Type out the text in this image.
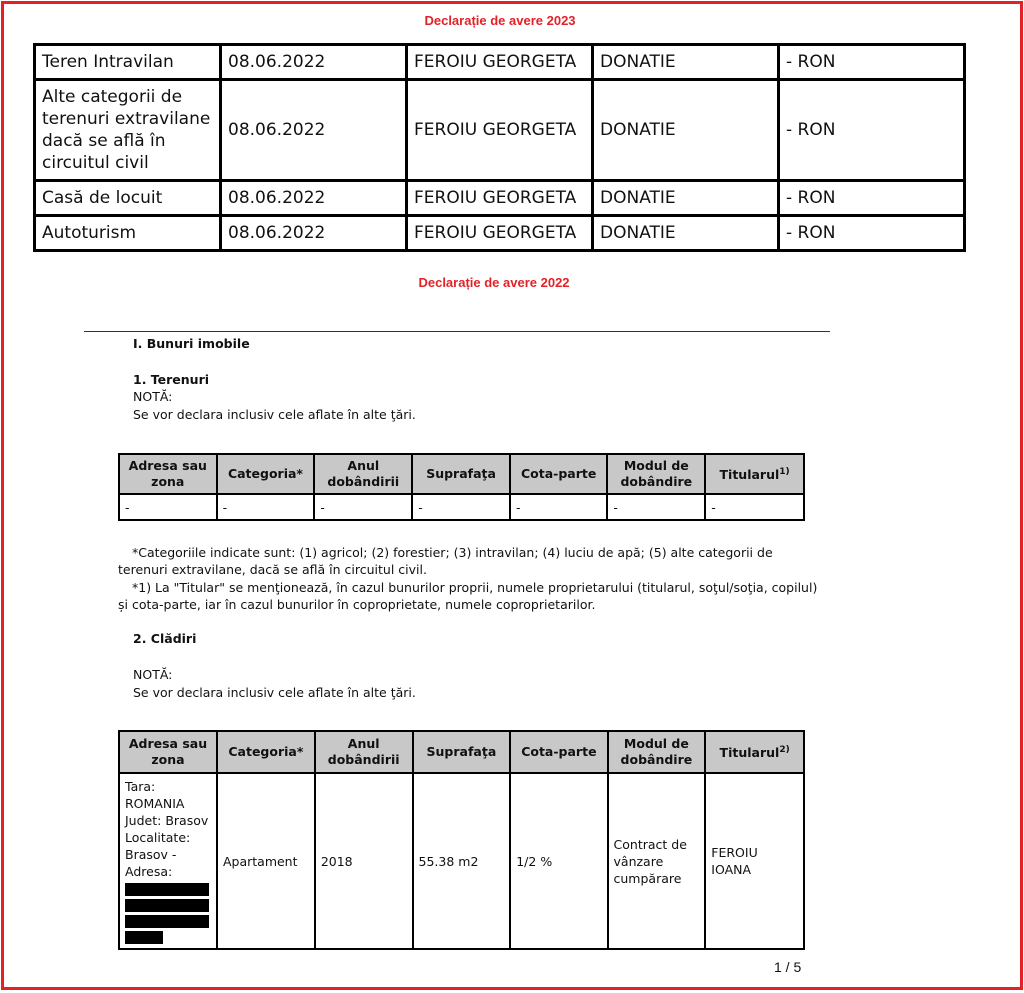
Declarație de avere 2023
Teren Intravilan	08.06.2022	FEROIU GEORGETA	DONATIE	- RON
Alte categorii de terenuri extravilane dacă se află în circuitul civil	08.06.2022	FEROIU GEORGETA	DONATIE	- RON
Casă de locuit	08.06.2022	FEROIU GEORGETA	DONATIE	- RON
Autoturism	08.06.2022	FEROIU GEORGETA	DONATIE	- RON
Declarație de avere 2022
I. Bunuri imobile
1. Terenuri
NOTĂ:
Se vor declara inclusiv cele aflate în alte ţări.
Adresa sau zona	Categoria*	Anul dobândirii	Suprafaţa	Cota-parte	Modul de dobândire	Titularul$^{1)}$
-	-	-	-	-	-	-
*Categoriile indicate sunt: (1) agricol; (2) forestier; (3) intravilan; (4) luciu de apă; (5) alte categorii de terenuri extravilane, dacă se află în circuitul civil.
*1) La "Titular" se menţionează, în cazul bunurilor proprii, numele proprietarului (titularul, soţul/soţia, copilul) și cota-parte, iar în cazul bunurilor în coproprietate, numele coproprietarilor.
2. Clădiri
NOTĂ:
Se vor declara inclusiv cele aflate în alte ţări.
Adresa sau zona	Categoria*	Anul dobândirii	Suprafaţa	Cota-parte	Modul de dobândire	Titularul$^{2)}$
Tara: ROMANIA Judet: Brasov Localitate: Brasov - Adresa:	Apartament	2018	55.38 m2	1/2 %	Contract de vânzare cumpărare	FEROIU IOANA
1 / 5
